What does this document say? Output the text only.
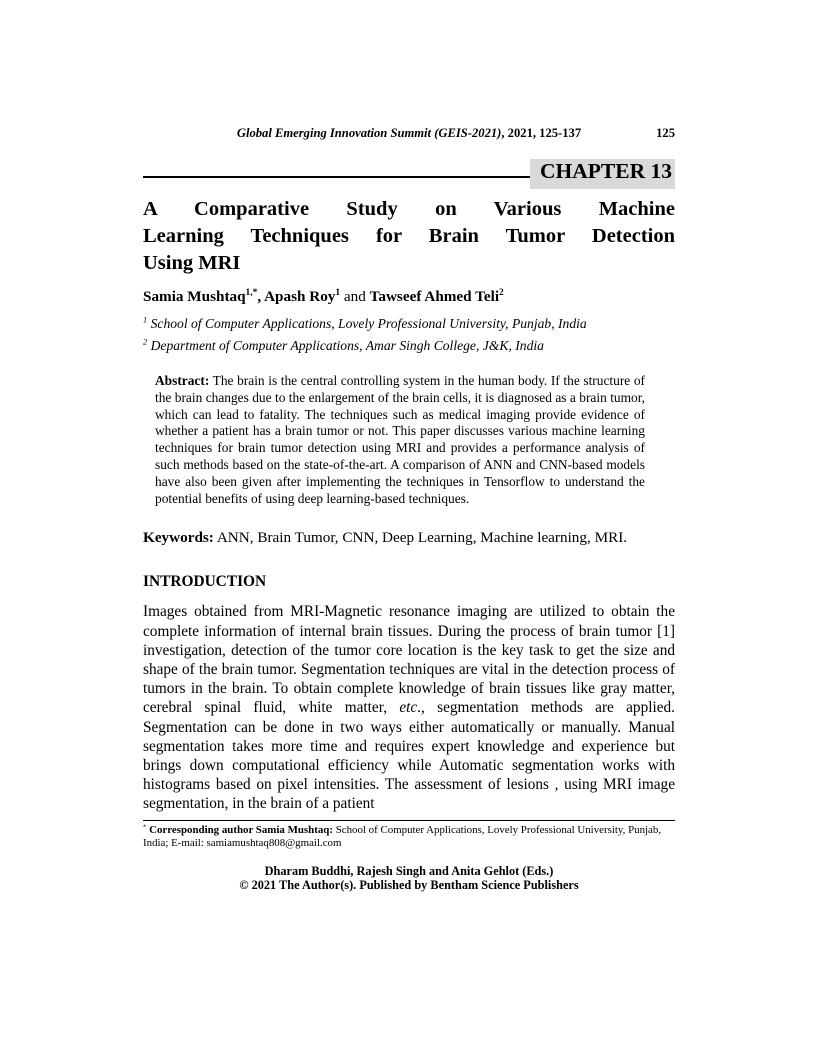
Global Emerging Innovation Summit (GEIS-2021), 2021, 125-137	125
CHAPTER 13
A Comparative Study on Various Machine
Learning Techniques for Brain Tumor Detection
Using MRI
Samia Mushtaq$^{1,*}$, Apash Roy$^1$ and Tawseef Ahmed Teli$^2$
$^1$ School of Computer Applications, Lovely Professional University, Punjab, India
$^2$ Department of Computer Applications, Amar Singh College, J&K, India
Abstract: The brain is the central controlling system in the human body. If the structure of the brain changes due to the enlargement of the brain cells, it is diagnosed as a brain tumor, which can lead to fatality. The techniques such as medical imaging provide evidence of whether a patient has a brain tumor or not. This paper discusses various machine learning techniques for brain tumor detection using MRI and provides a performance analysis of such methods based on the state-of-the-art. A comparison of ANN and CNN-based models have also been given after implementing the techniques in Tensorflow to understand the potential benefits of using deep learning-based techniques.
Keywords: ANN, Brain Tumor, CNN, Deep Learning, Machine learning, MRI.
INTRODUCTION
Images obtained from MRI-Magnetic resonance imaging are utilized to obtain the complete information of internal brain tissues. During the process of brain tumor [1] investigation, detection of the tumor core location is the key task to get the size and shape of the brain tumor. Segmentation techniques are vital in the detection process of tumors in the brain. To obtain complete knowledge of brain tissues like gray matter, cerebral spinal fluid, white matter, etc., segmentation methods are applied. Segmentation can be done in two ways either automatically or manually. Manual segmentation takes more time and requires expert knowledge and experience but brings down computational efficiency while Automatic segmentation works with histograms based on pixel intensities. The assessment of lesions , using MRI image segmentation, in the brain of a patient
* Corresponding author Samia Mushtaq: School of Computer Applications, Lovely Professional University, Punjab, India; E-mail: samiamushtaq808@gmail.com
Dharam Buddhi, Rajesh Singh and Anita Gehlot (Eds.)
© 2021 The Author(s). Published by Bentham Science Publishers
